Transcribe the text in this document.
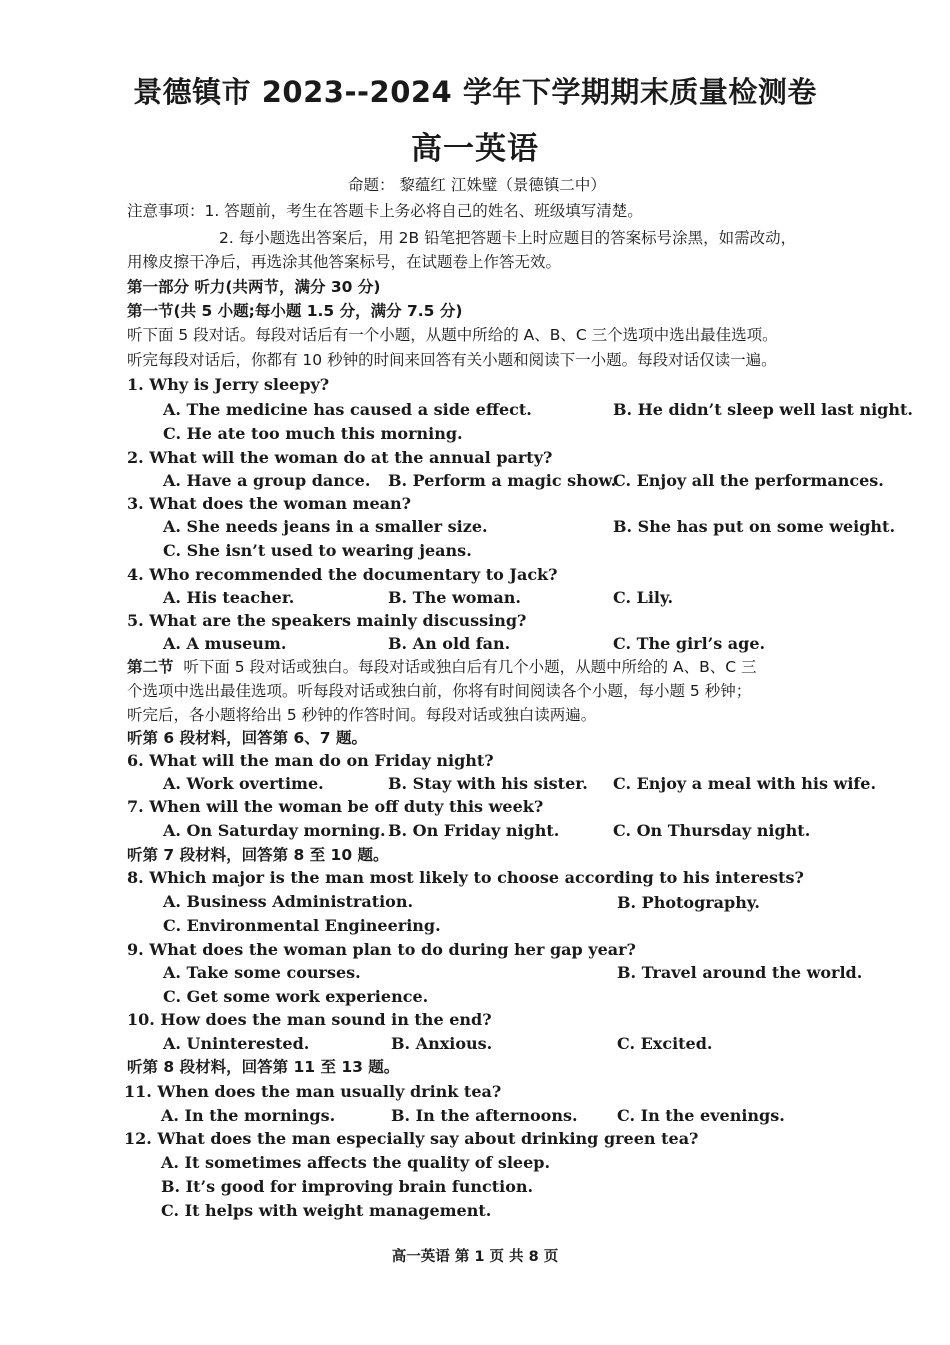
景德镇市 2023--2024 学年下学期期末质量检测卷
高一英语
命题： 黎蕴红 江姝璧（景德镇二中）
注意事项：1. 答题前，考生在答题卡上务必将自己的姓名、班级填写清楚。
2. 每小题选出答案后，用 2B 铅笔把答题卡上时应题目的答案标号涂黑，如需改动，
用橡皮擦干净后，再选涂其他答案标号，在试题卷上作答无效。
第一部分 听力(共两节，满分 30 分)
第一节(共 5 小题;每小题 1.5 分，满分 7.5 分)
听下面 5 段对话。每段对话后有一个小题，从题中所给的 A、B、C 三个选项中选出最佳选项。
听完每段对话后，你都有 10 秒钟的时间来回答有关小题和阅读下一小题。每段对话仅读一遍。
1. Why is Jerry sleepy?
A. The medicine has caused a side effect.	B. He didn’t sleep well last night.
C. He ate too much this morning.
2. What will the woman do at the annual party?
A. Have a group dance. B. Perform a magic show.
C. Enjoy all the performances.
3. What does the woman mean?
A. She needs jeans in a smaller size.	B. She has put on some weight.
C. She isn’t used to wearing jeans.
4. Who recommended the documentary to Jack?
A. His teacher.	B. The woman.	C. Lily.
5. What are the speakers mainly discussing?
A. A museum.	B. An old fan.	C. The girl’s age.
第二节 听下面 5 段对话或独白。每段对话或独白后有几个小题，从题中所给的 A、B、C 三
个选项中选出最佳选项。听每段对话或独白前，你将有时间阅读各个小题，每小题 5 秒钟；
听完后，各小题将给出 5 秒钟的作答时间。每段对话或独白读两遍。
听第 6 段材料，回答第 6、7 题。
6. What will the man do on Friday night?
A. Work overtime.	B. Stay with his sister. C. Enjoy a meal with his wife.
7. When will the woman be off duty this week?
A. On Saturday morning. B. On Friday night.	C. On Thursday night.
听第 7 段材料，回答第 8 至 10 题。
8. Which major is the man most likely to choose according to his interests?
A. Business Administration.	B. Photography.
C. Environmental Engineering.
9. What does the woman plan to do during her gap year?
A. Take some courses.	B. Travel around the world.
C. Get some work experience.
10. How does the man sound in the end?
A. Uninterested.	B. Anxious.	C. Excited.
听第 8 段材料，回答第 11 至 13 题。
11. When does the man usually drink tea?
A. In the mornings.	B. In the afternoons. C. In the evenings.
12. What does the man especially say about drinking green tea?
A. It sometimes affects the quality of sleep.
B. It’s good for improving brain function.
C. It helps with weight management.
高一英语 第 1 页 共 8 页
